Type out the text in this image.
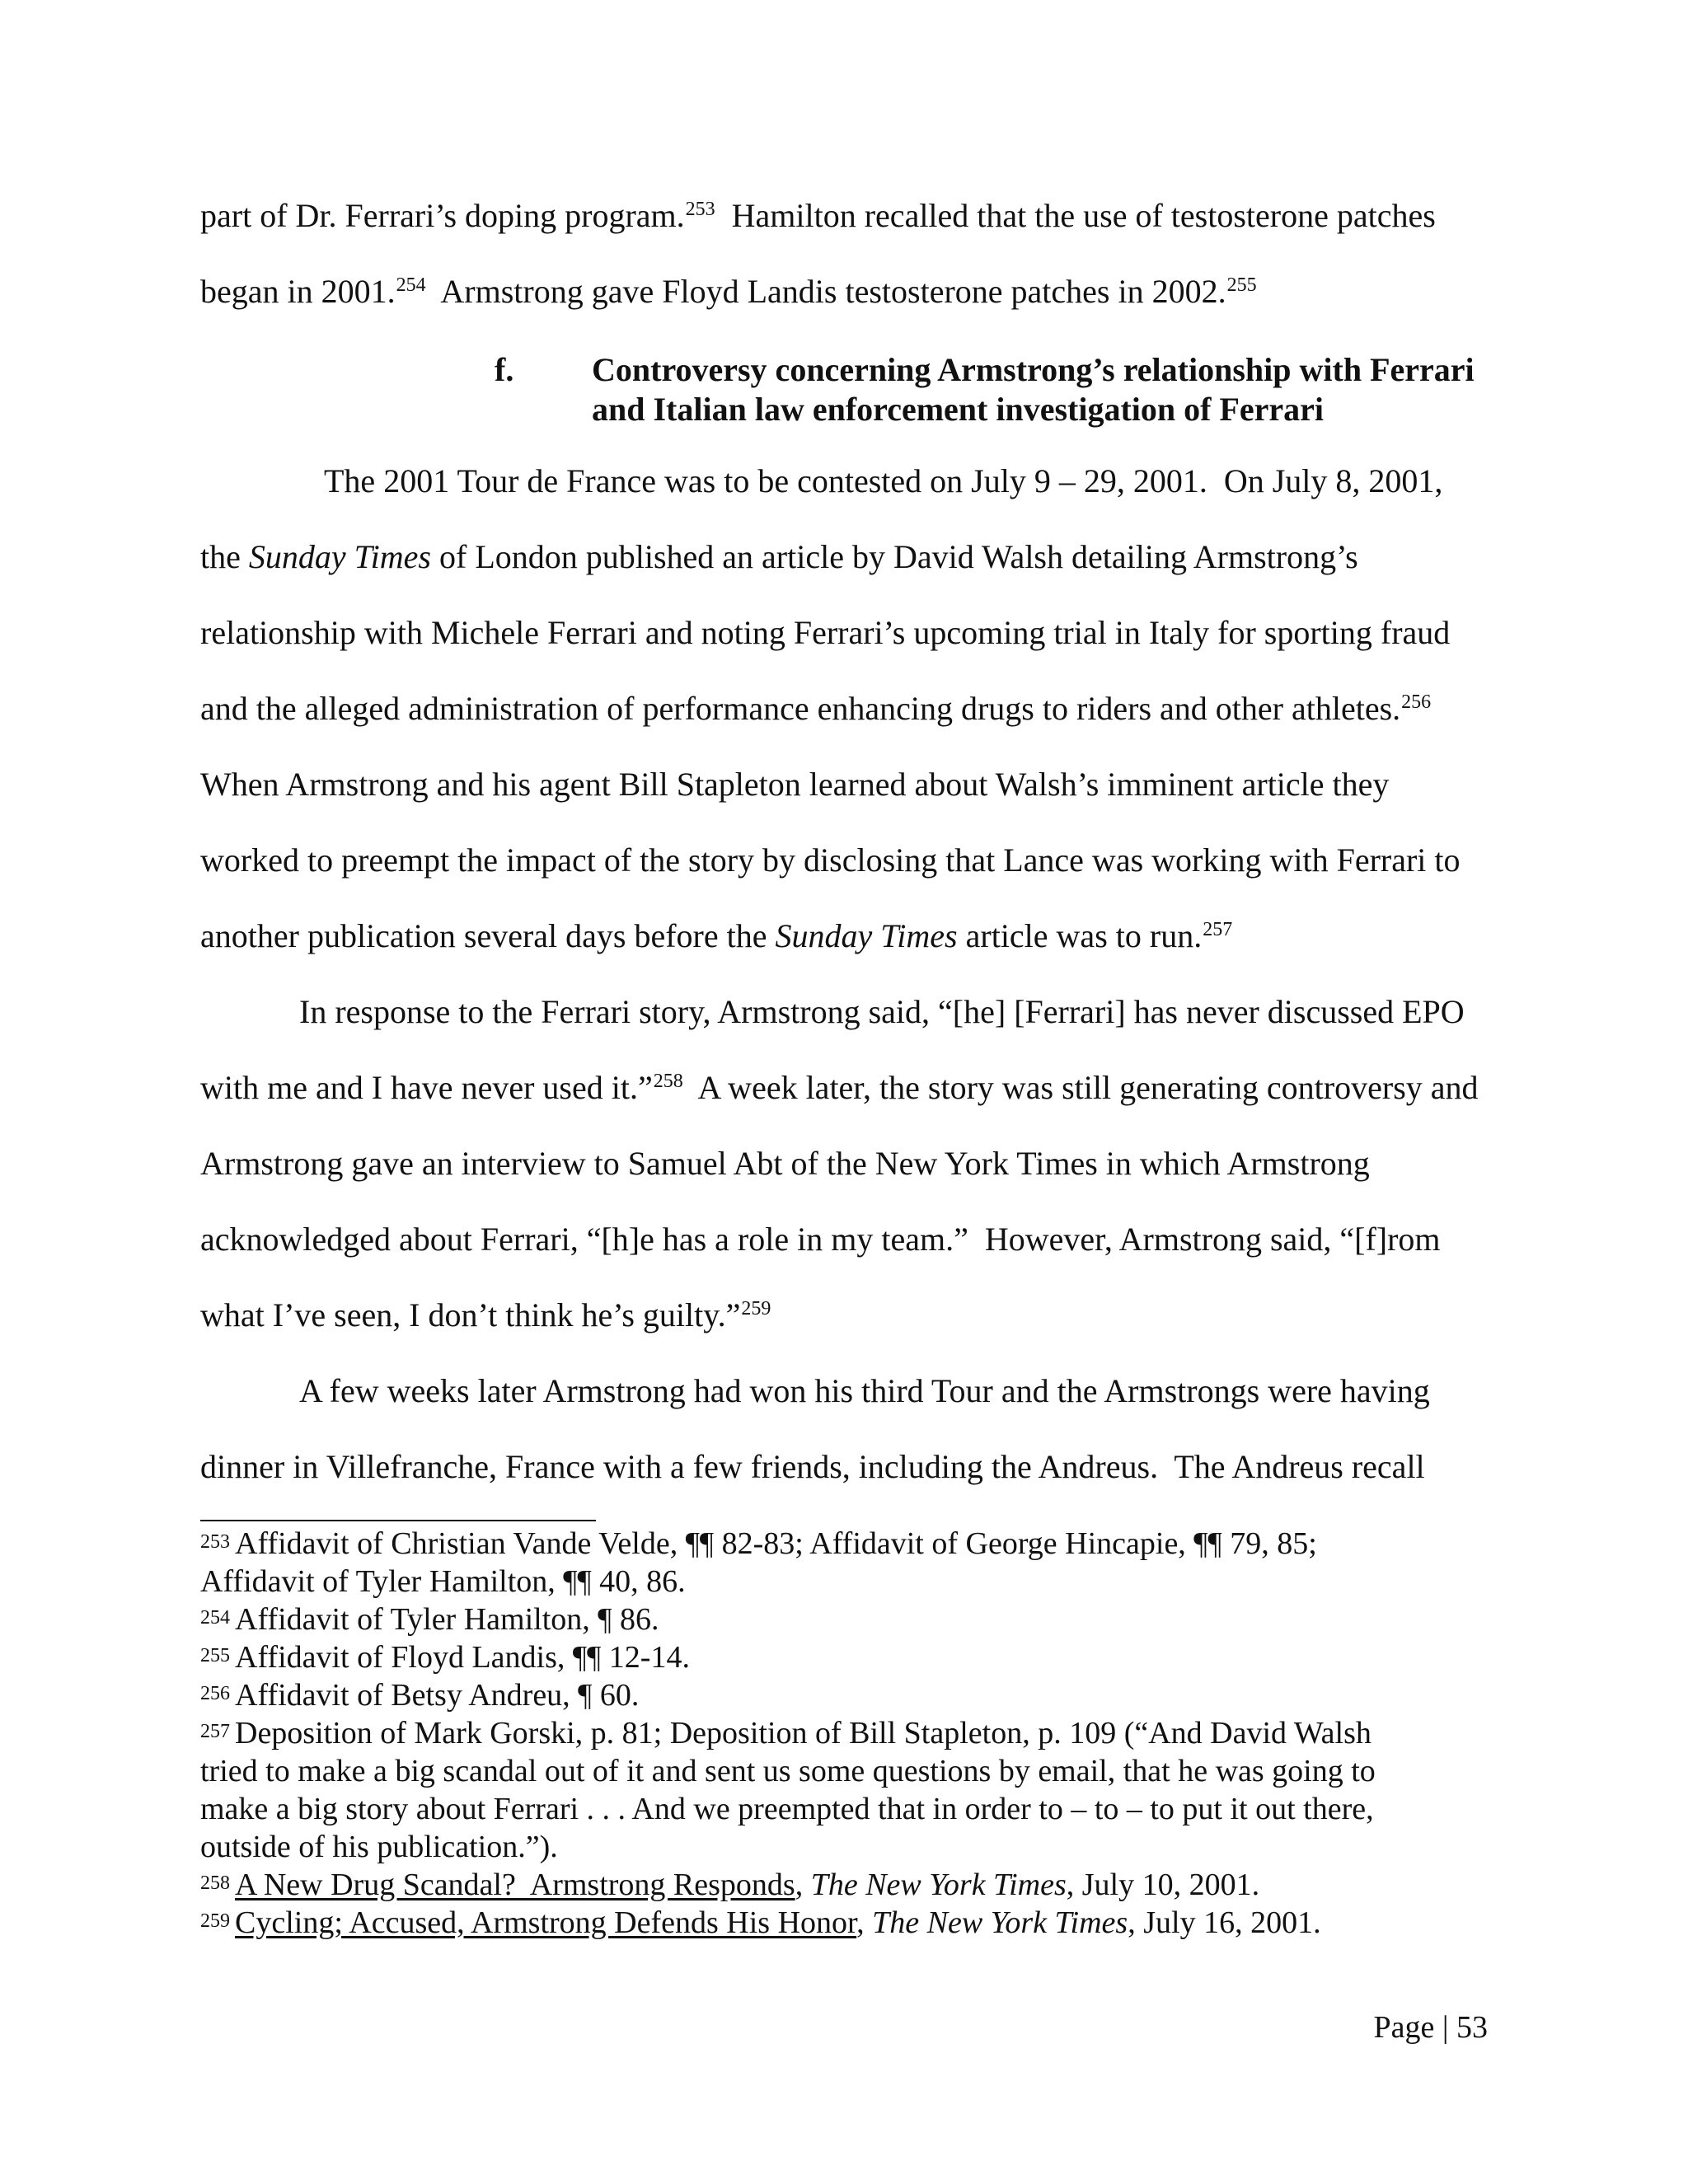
part of Dr. Ferrari’s doping program.$^{253}$  Hamilton recalled that the use of testosterone patches
began in 2001.$^{254}$  Armstrong gave Floyd Landis testosterone patches in 2002.$^{255}$
f. Controversy concerning Armstrong’s relationship with Ferrari
and Italian law enforcement investigation of Ferrari
The 2001 Tour de France was to be contested on July 9 – 29, 2001.  On July 8, 2001,
the Sunday Times of London published an article by David Walsh detailing Armstrong’s
relationship with Michele Ferrari and noting Ferrari’s upcoming trial in Italy for sporting fraud
and the alleged administration of performance enhancing drugs to riders and other athletes.$^{256}$
When Armstrong and his agent Bill Stapleton learned about Walsh’s imminent article they
worked to preempt the impact of the story by disclosing that Lance was working with Ferrari to
another publication several days before the Sunday Times article was to run.$^{257}$
In response to the Ferrari story, Armstrong said, “[he] [Ferrari] has never discussed EPO
with me and I have never used it.”$^{258}$  A week later, the story was still generating controversy and
Armstrong gave an interview to Samuel Abt of the New York Times in which Armstrong
acknowledged about Ferrari, “[h]e has a role in my team.”  However, Armstrong said, “[f]rom
what I’ve seen, I don’t think he’s guilty.”$^{259}$
A few weeks later Armstrong had won his third Tour and the Armstrongs were having
dinner in Villefranche, France with a few friends, including the Andreus.  The Andreus recall
$^{253}$ Affidavit of Christian Vande Velde, ¶¶ 82-83; Affidavit of George Hincapie, ¶¶ 79, 85;
Affidavit of Tyler Hamilton, ¶¶ 40, 86.
$^{254}$ Affidavit of Tyler Hamilton, ¶ 86.
$^{255}$ Affidavit of Floyd Landis, ¶¶ 12-14.
$^{256}$ Affidavit of Betsy Andreu, ¶ 60.
$^{257}$ Deposition of Mark Gorski, p. 81; Deposition of Bill Stapleton, p. 109 (“And David Walsh
tried to make a big scandal out of it and sent us some questions by email, that he was going to
make a big story about Ferrari . . . And we preempted that in order to – to – to put it out there,
outside of his publication.”).
$^{258}$ A New Drug Scandal?  Armstrong Responds, The New York Times, July 10, 2001.
$^{259}$ Cycling; Accused, Armstrong Defends His Honor, The New York Times, July 16, 2001.
Page | 53
